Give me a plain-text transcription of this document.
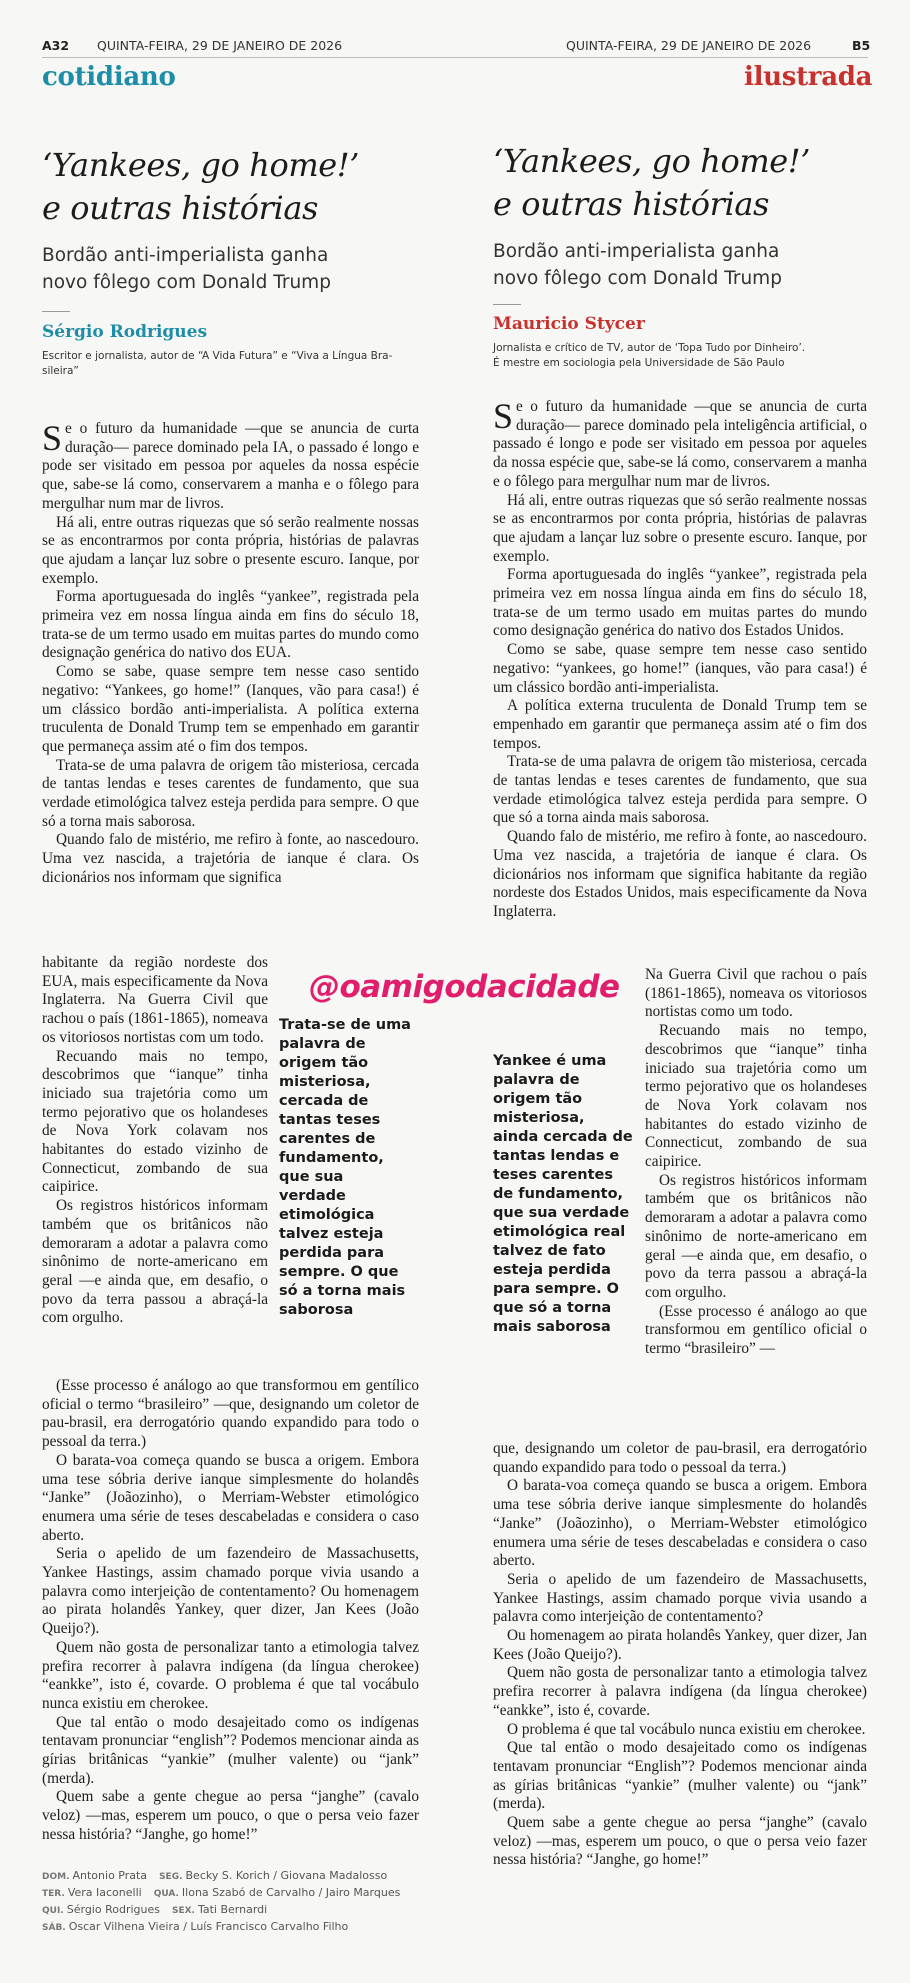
A32 QUINTA-FEIRA, 29 DE JANEIRO DE 2026	QUINTA-FEIRA, 29 DE JANEIRO DE 2026	B5
cotidiano	ilustrada
‘Yankees, go home!’
e outras histórias
Bordão anti-imperialista ganha
novo fôlego com Donald Trump
Sérgio Rodrigues
Escritor e jornalista, autor de “A Vida Futura” e “Viva a Língua Bra-
sileira”

Se o futuro da humanidade —que se anuncia de curta duração— parece dominado pela IA, o passado é longo e pode ser visitado em pessoa por aqueles da nossa espécie que, sabe-se lá como, conservarem a manha e o fôlego para mergulhar num mar de livros.

Há ali, entre outras riquezas que só serão realmente nossas se as encontrarmos por conta própria, histórias de palavras que ajudam a lançar luz sobre o presente escuro. Ianque, por exemplo.

Forma aportuguesada do inglês “yankee”, registrada pela primeira vez em nossa língua ainda em fins do século 18, trata-se de um termo usado em muitas partes do mundo como designação genérica do nativo dos EUA.

Como se sabe, quase sempre tem nesse caso sentido negativo: “Yankees, go home!” (Ianques, vão para casa!) é um clássico bordão anti-imperialista. A política externa truculenta de Donald Trump tem se empenhado em garantir que permaneça assim até o fim dos tempos.

Trata-se de uma palavra de origem tão misteriosa, cercada de tantas lendas e teses carentes de fundamento, que sua verdade etimológica talvez esteja perdida para sempre. O que só a torna mais saborosa.

Quando falo de mistério, me refiro à fonte, ao nascedouro. Uma vez nascida, a trajetória de ianque é clara. Os dicionários nos informam que significa

habitante da região nordeste dos EUA, mais especificamente da Nova Inglaterra. Na Guerra Civil que rachou o país (1861-1865), nomeava os vitoriosos nortistas com um todo.

Recuando mais no tempo, descobrimos que “ianque” tinha iniciado sua trajetória como um termo pejorativo que os holandeses de Nova York colavam nos habitantes do estado vizinho de Connecticut, zombando de sua caipirice.

Os registros históricos informam também que os britânicos não demoraram a adotar a palavra como sinônimo de norte-americano em geral —e ainda que, em desafio, o povo da terra passou a abraçá-la com orgulho.

Trata-se de uma palavra de origem tão misteriosa, cercada de tantas teses carentes de fundamento, que sua verdade etimológica talvez esteja perdida para sempre. O que só a torna mais saborosa

(Esse processo é análogo ao que transformou em gentílico oficial o termo “brasileiro” —que, designando um coletor de pau-brasil, era derrogatório quando expandido para todo o pessoal da terra.)

O barata-voa começa quando se busca a origem. Embora uma tese sóbria derive ianque simplesmente do holandês “Janke” (Joãozinho), o Merriam-Webster etimológico enumera uma série de teses descabeladas e considera o caso aberto.

Seria o apelido de um fazendeiro de Massachusetts, Yankee Hastings, assim chamado porque vivia usando a palavra como interjeição de contentamento? Ou homenagem ao pirata holandês Yankey, quer dizer, Jan Kees (João Queijo?).

Quem não gosta de personalizar tanto a etimologia talvez prefira recorrer à palavra indígena (da língua cherokee) “eankke”, isto é, covarde. O problema é que tal vocábulo nunca existiu em cherokee.

Que tal então o modo desajeitado como os indígenas tentavam pronunciar “english”? Podemos mencionar ainda as gírias britânicas “yankie” (mulher valente) ou “jank” (merda).

Quem sabe a gente chegue ao persa “janghe” (cavalo veloz) —mas, esperem um pouco, o que o persa veio fazer nessa história? “Janghe, go home!”

DOM. Antonio Prata SEG. Becky S. Korich / Giovana Madalosso
TER. Vera Iaconelli QUA. Ilona Szabó de Carvalho / Jairo Marques
QUI. Sérgio Rodrigues SEX. Tati Bernardi
SÁB. Oscar Vilhena Vieira / Luís Francisco Carvalho Filho
@oamigodacidade
‘Yankees, go home!’
e outras histórias
Bordão anti-imperialista ganha
novo fôlego com Donald Trump
Mauricio Stycer
Jornalista e crítico de TV, autor de ‘Topa Tudo por Dinheiro’.
É mestre em sociologia pela Universidade de São Paulo

Se o futuro da humanidade —que se anuncia de curta duração— parece dominado pela inteligência artificial, o passado é longo e pode ser visitado em pessoa por aqueles da nossa espécie que, sabe-se lá como, conservarem a manha e o fôlego para mergulhar num mar de livros.

Há ali, entre outras riquezas que só serão realmente nossas se as encontrarmos por conta própria, histórias de palavras que ajudam a lançar luz sobre o presente escuro. Ianque, por exemplo.

Forma aportuguesada do inglês “yankee”, registrada pela primeira vez em nossa língua ainda em fins do século 18, trata-se de um termo usado em muitas partes do mundo como designação genérica do nativo dos Estados Unidos.

Como se sabe, quase sempre tem nesse caso sentido negativo: “yankees, go home!” (ianques, vão para casa!) é um clássico bordão anti-imperialista.

A política externa truculenta de Donald Trump tem se empenhado em garantir que permaneça assim até o fim dos tempos.

Trata-se de uma palavra de origem tão misteriosa, cercada de tantas lendas e teses carentes de fundamento, que sua verdade etimológica talvez esteja perdida para sempre. O que só a torna ainda mais saborosa.

Quando falo de mistério, me refiro à fonte, ao nascedouro. Uma vez nascida, a trajetória de ianque é clara. Os dicionários nos informam que significa habitante da região nordeste dos Estados Unidos, mais especificamente da Nova Inglaterra.

Yankee é uma palavra de origem tão misteriosa, ainda cercada de tantas lendas e teses carentes de fundamento, que sua verdade etimológica real talvez de fato esteja perdida para sempre. O que só a torna mais saborosa

Na Guerra Civil que rachou o país (1861-1865), nomeava os vitoriosos nortistas como um todo.

Recuando mais no tempo, descobrimos que “ianque” tinha iniciado sua trajetória como um termo pejorativo que os holandeses de Nova York colavam nos habitantes do estado vizinho de Connecticut, zombando de sua caipirice.

Os registros históricos informam também que os britânicos não demoraram a adotar a palavra como sinônimo de norte-americano em geral —e ainda que, em desafio, o povo da terra passou a abraçá-la com orgulho.

(Esse processo é análogo ao que transformou em gentílico oficial o termo “brasileiro” —

que, designando um coletor de pau-brasil, era derrogatório quando expandido para todo o pessoal da terra.)

O barata-voa começa quando se busca a origem. Embora uma tese sóbria derive ianque simplesmente do holandês “Janke” (Joãozinho), o Merriam-Webster etimológico enumera uma série de teses descabeladas e considera o caso aberto.

Seria o apelido de um fazendeiro de Massachusetts, Yankee Hastings, assim chamado porque vivia usando a palavra como interjeição de contentamento?

Ou homenagem ao pirata holandês Yankey, quer dizer, Jan Kees (João Queijo?).

Quem não gosta de personalizar tanto a etimologia talvez prefira recorrer à palavra indígena (da língua cherokee) “eankke”, isto é, covarde.

O problema é que tal vocábulo nunca existiu em cherokee.

Que tal então o modo desajeitado como os indígenas tentavam pronunciar “English”? Podemos mencionar ainda as gírias britânicas “yankie” (mulher valente) ou “jank” (merda).

Quem sabe a gente chegue ao persa “janghe” (cavalo veloz) —mas, esperem um pouco, o que o persa veio fazer nessa história? “Janghe, go home!”
